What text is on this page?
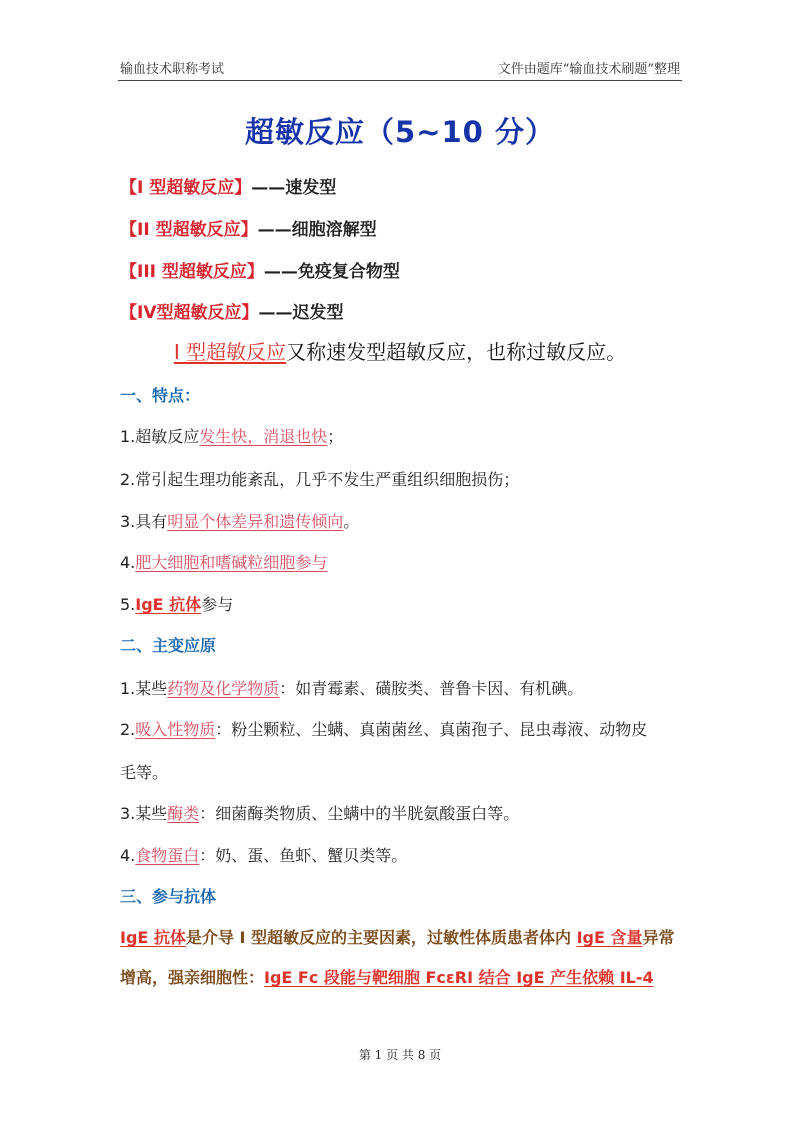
输血技术职称考试	文件由题库“输血技术刷题”整理
超敏反应（5~10 分）
【I 型超敏反应】——速发型
【II 型超敏反应】——细胞溶解型
【III 型超敏反应】——免疫复合物型
【IV型超敏反应】——迟发型
I 型超敏反应又称速发型超敏反应，也称过敏反应。
一、特点：
1.超敏反应发生快，消退也快；
2.常引起生理功能紊乱，几乎不发生严重组织细胞损伤；
3.具有明显个体差异和遗传倾向。
4.肥大细胞和嗜碱粒细胞参与
5.IgE 抗体参与
二、主变应原
1.某些药物及化学物质：如青霉素、磺胺类、普鲁卡因、有机碘。
2.吸入性物质：粉尘颗粒、尘螨、真菌菌丝、真菌孢子、昆虫毒液、动物皮
毛等。
3.某些酶类：细菌酶类物质、尘螨中的半胱氨酸蛋白等。
4.食物蛋白：奶、蛋、鱼虾、蟹贝类等。
三、参与抗体
IgE 抗体是介导 I 型超敏反应的主要因素，过敏性体质患者体内 IgE 含量异常增高，强亲细胞性：IgE Fc 段能与靶细胞 FcεRI 结合 IgE 产生依赖 IL-4
第 1 页 共 8 页
